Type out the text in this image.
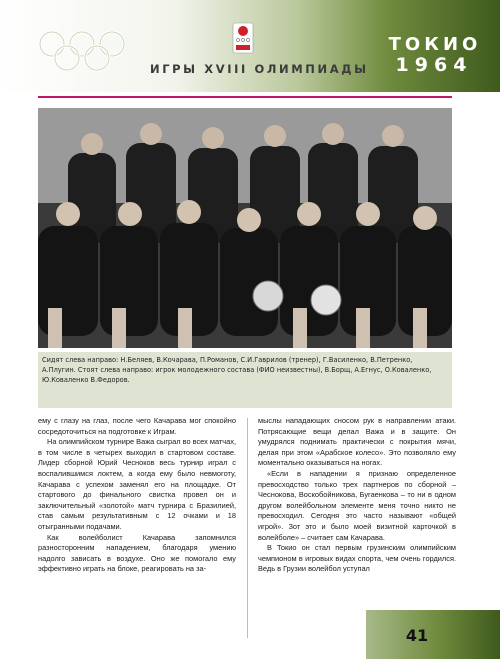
ИГРЫ XVIII ОЛИМПИАДЫ
ТОКИО
1964
Сидят слева направо: Н.Беляев, В.Кочарава, П.Романов, С.И.Гаврилов (тренер), Г.Василенко, В.Петренко, А.Плугин. Стоят слева направо: игрок молодежного состава (ФИО неизвестны), В.Борщ, А.Егнус, О.Коваленко, Ю.Коваленко В.Федоров.

ему с глазу на глаз, после чего Качарава мог спокойно сосредоточиться на подготовке к Играм.

На олимпийском турнире Важа сыграл во всех матчах, в том числе в четырех выходил в стартовом составе. Лидер сборной Юрий Чесноков весь турнир играл с воспалившимся локтем, а когда ему было невмоготу, Качарава с успехом заменял его на площадке. От стартового до финального свистка провел он и заключительный «золотой» матч турнира с Бразилией, став самым результативным с 12 очками и 18 отыгранными подачами.

Как волейболист Качарава запомнился разносторонним нападением, благодаря умению надолго зависать в воздухе. Оно же помогало ему эффективно играть на блоке, реагировать на за-

мыслы нападающих сносом рук в направлении атаки. Потрясающие вещи делал Важа и в защите. Он умудрялся поднимать практически с покрытия мячи, делая при этом «Арабское колесо». Это позволяло ему моментально оказываться на ногах.

«Если в нападении я признаю определенное превосходство только трех партнеров по сборной – Чеснокова, Воскобойникова, Бугаенкова – то ни в одном другом волейбольном элементе меня точно никто не превосходил. Сегодня это часто называют «общей игрой». Зот это и было моей визитной карточкой в волейболе» – считает сам Качарава.

В Токио он стал первым грузинским олимпийским чемпионом в игровых видах спорта, чем очень гордился. Ведь в Грузии волейбол уступал

41
